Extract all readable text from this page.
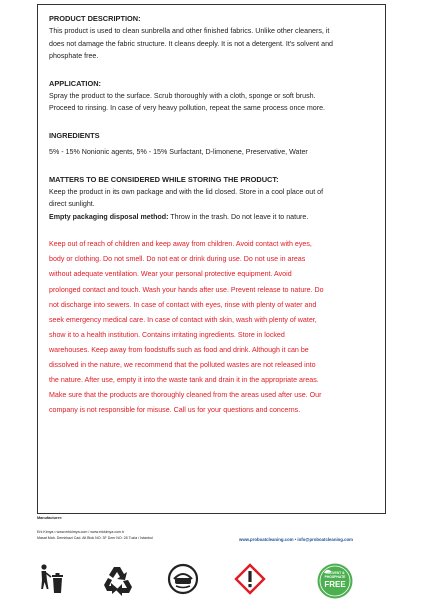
PRODUCT DESCRIPTION:

This product is used to clean sunbrella and other finished fabrics. Unlike other cleaners, it

does not damage the fabric structure. It cleans deeply. It is not a detergent. It's solvent and

phosphate free.

APPLICATION:

Spray the product to the surface. Scrub thoroughly with a cloth, sponge or soft brush.

Proceed to rinsing. In case of very heavy pollution, repeat the same process once more.

INGREDIENTS

5% - 15% Nonionic agents, 5% - 15% Surfactant, D-limonene, Preservative, Water

MATTERS TO BE CONSIDERED WHILE STORING THE PRODUCT:

Keep the product in its own package and with the lid closed. Store in a cool place out of

direct sunlight.

Empty packaging disposal method: Throw in the trash. Do not leave it to nature.

Keep out of reach of children and keep away from children. Avoid contact with eyes,

body or clothing. Do not smell. Do not eat or drink during use. Do not use in areas

without adequate ventilation. Wear your personal protective equipment. Avoid

prolonged contact and touch. Wash your hands after use. Prevent release to nature. Do

not discharge into sewers. In case of contact with eyes, rinse with plenty of water and

seek emergency medical care. In case of contact with skin, wash with plenty of water,

show it to a health institution. Contains irritating ingredients. Store in locked

warehouses. Keep away from foodstuffs such as food and drink. Although it can be

dissolved in the nature, we recommend that the polluted wastes are not released into

the nature. After use, empty it into the waste tank and drain it in the appropriate areas.

Make sure that the products are thoroughly cleaned from the areas used after use. Our

company is not responsible for misuse. Call us for your questions and concerns.

Manufacturer:
Erk Kimya • www.erkkimya.com / www.erkkimya.com.tr
Masat Mah. Demirkazi Cad. All Blok NO: 3F Dzer NO: 28 Tuzla / Istanbul	www.proboatcleaning.com • info@proboatcleaning.com
SOLVENT &
PHOSPHATE
FREE
